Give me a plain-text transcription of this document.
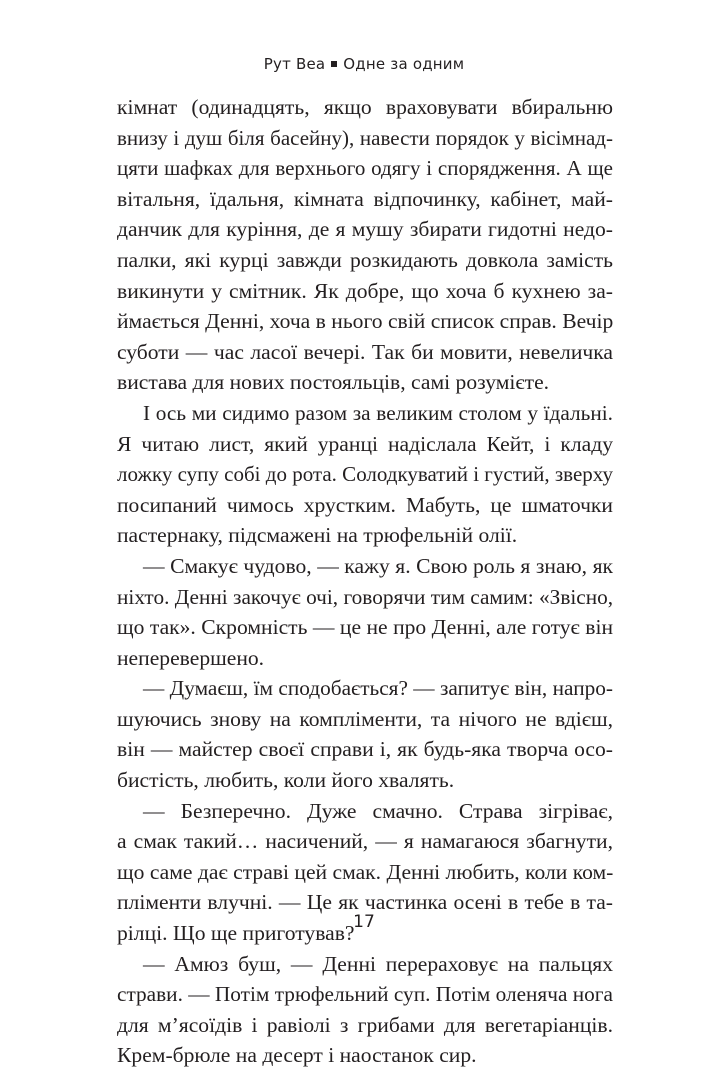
Рут Веа Одне за одним
кімнат (одинадцять, якщо враховувати вбиральню
внизу і душ біля басейну), навести порядок у вісімнад-
цяти шафках для верхнього одягу і спорядження. А ще
вітальня, їдальня, кімната відпочинку, кабінет, май-
данчик для куріння, де я мушу збирати гидотні недо-
палки, які курці завжди розкидають довкола замість
викинути у смітник. Як добре, що хоча б кухнею за-
ймається Денні, хоча в нього свій список справ. Вечір
суботи — час ласої вечері. Так би мовити, невеличка
вистава для нових постояльців, самі розумієте.
І ось ми сидимо разом за великим столом у їдальні.
Я читаю лист, який уранці надіслала Кейт, і кладу
ложку супу собі до рота. Солодкуватий і густий, зверху
посипаний чимось хрустким. Мабуть, це шматочки
пастернаку, підсмажені на трюфельній олії.
— Смакує чудово, — кажу я. Свою роль я знаю, як
ніхто. Денні закочує очі, говорячи тим самим: «Звісно,
що так». Скромність — це не про Денні, але готує він
неперевершено.
— Думаєш, їм сподобається? — запитує він, напро-
шуючись знову на компліменти, та нічого не вдієш,
він — майстер своєї справи і, як будь-яка творча осо-
бистість, любить, коли його хвалять.
— Безперечно. Дуже смачно. Страва зігріває,
а смак такий… насичений, — я намагаюся збагнути,
що саме дає страві цей смак. Денні любить, коли ком-
пліменти влучні. — Це як частинка осені в тебе в та-
рілці. Що ще приготував?
— Амюз буш, — Денні перераховує на пальцях
страви. — Потім трюфельний суп. Потім оленяча нога
для м’ясоїдів і равіолі з грибами для вегетаріанців.
Крем-брюле на десерт і наостанок сир.
17
